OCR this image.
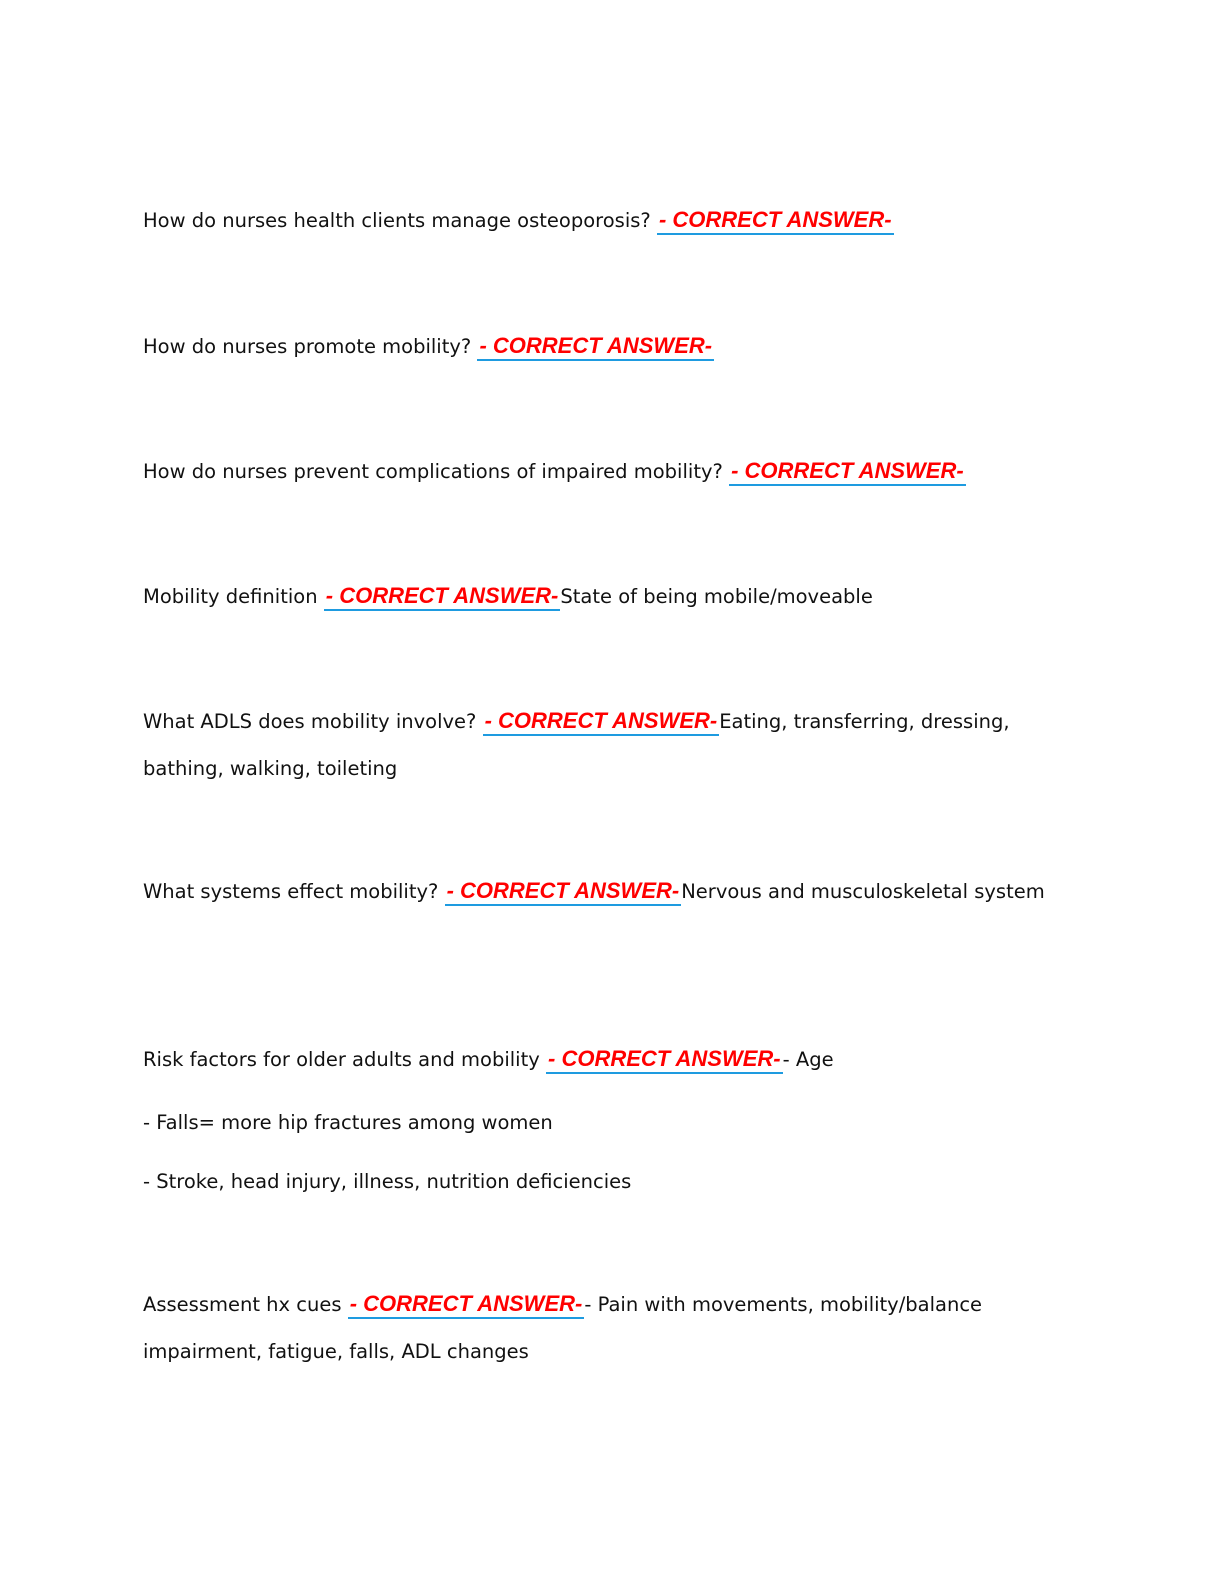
How do nurses health clients manage osteoporosis? - CORRECT ANSWER-

How do nurses promote mobility? - CORRECT ANSWER-

How do nurses prevent complications of impaired mobility? - CORRECT ANSWER-

Mobility definition - CORRECT ANSWER- State of being mobile/moveable

What ADLS does mobility involve? - CORRECT ANSWER- Eating, transferring, dressing, bathing, walking, toileting

What systems effect mobility? - CORRECT ANSWER- Nervous and musculoskeletal system

Risk factors for older adults and mobility - CORRECT ANSWER- - Age

- Falls= more hip fractures among women

- Stroke, head injury, illness, nutrition deficiencies

Assessment hx cues - CORRECT ANSWER- - Pain with movements, mobility/balance impairment, fatigue, falls, ADL changes
